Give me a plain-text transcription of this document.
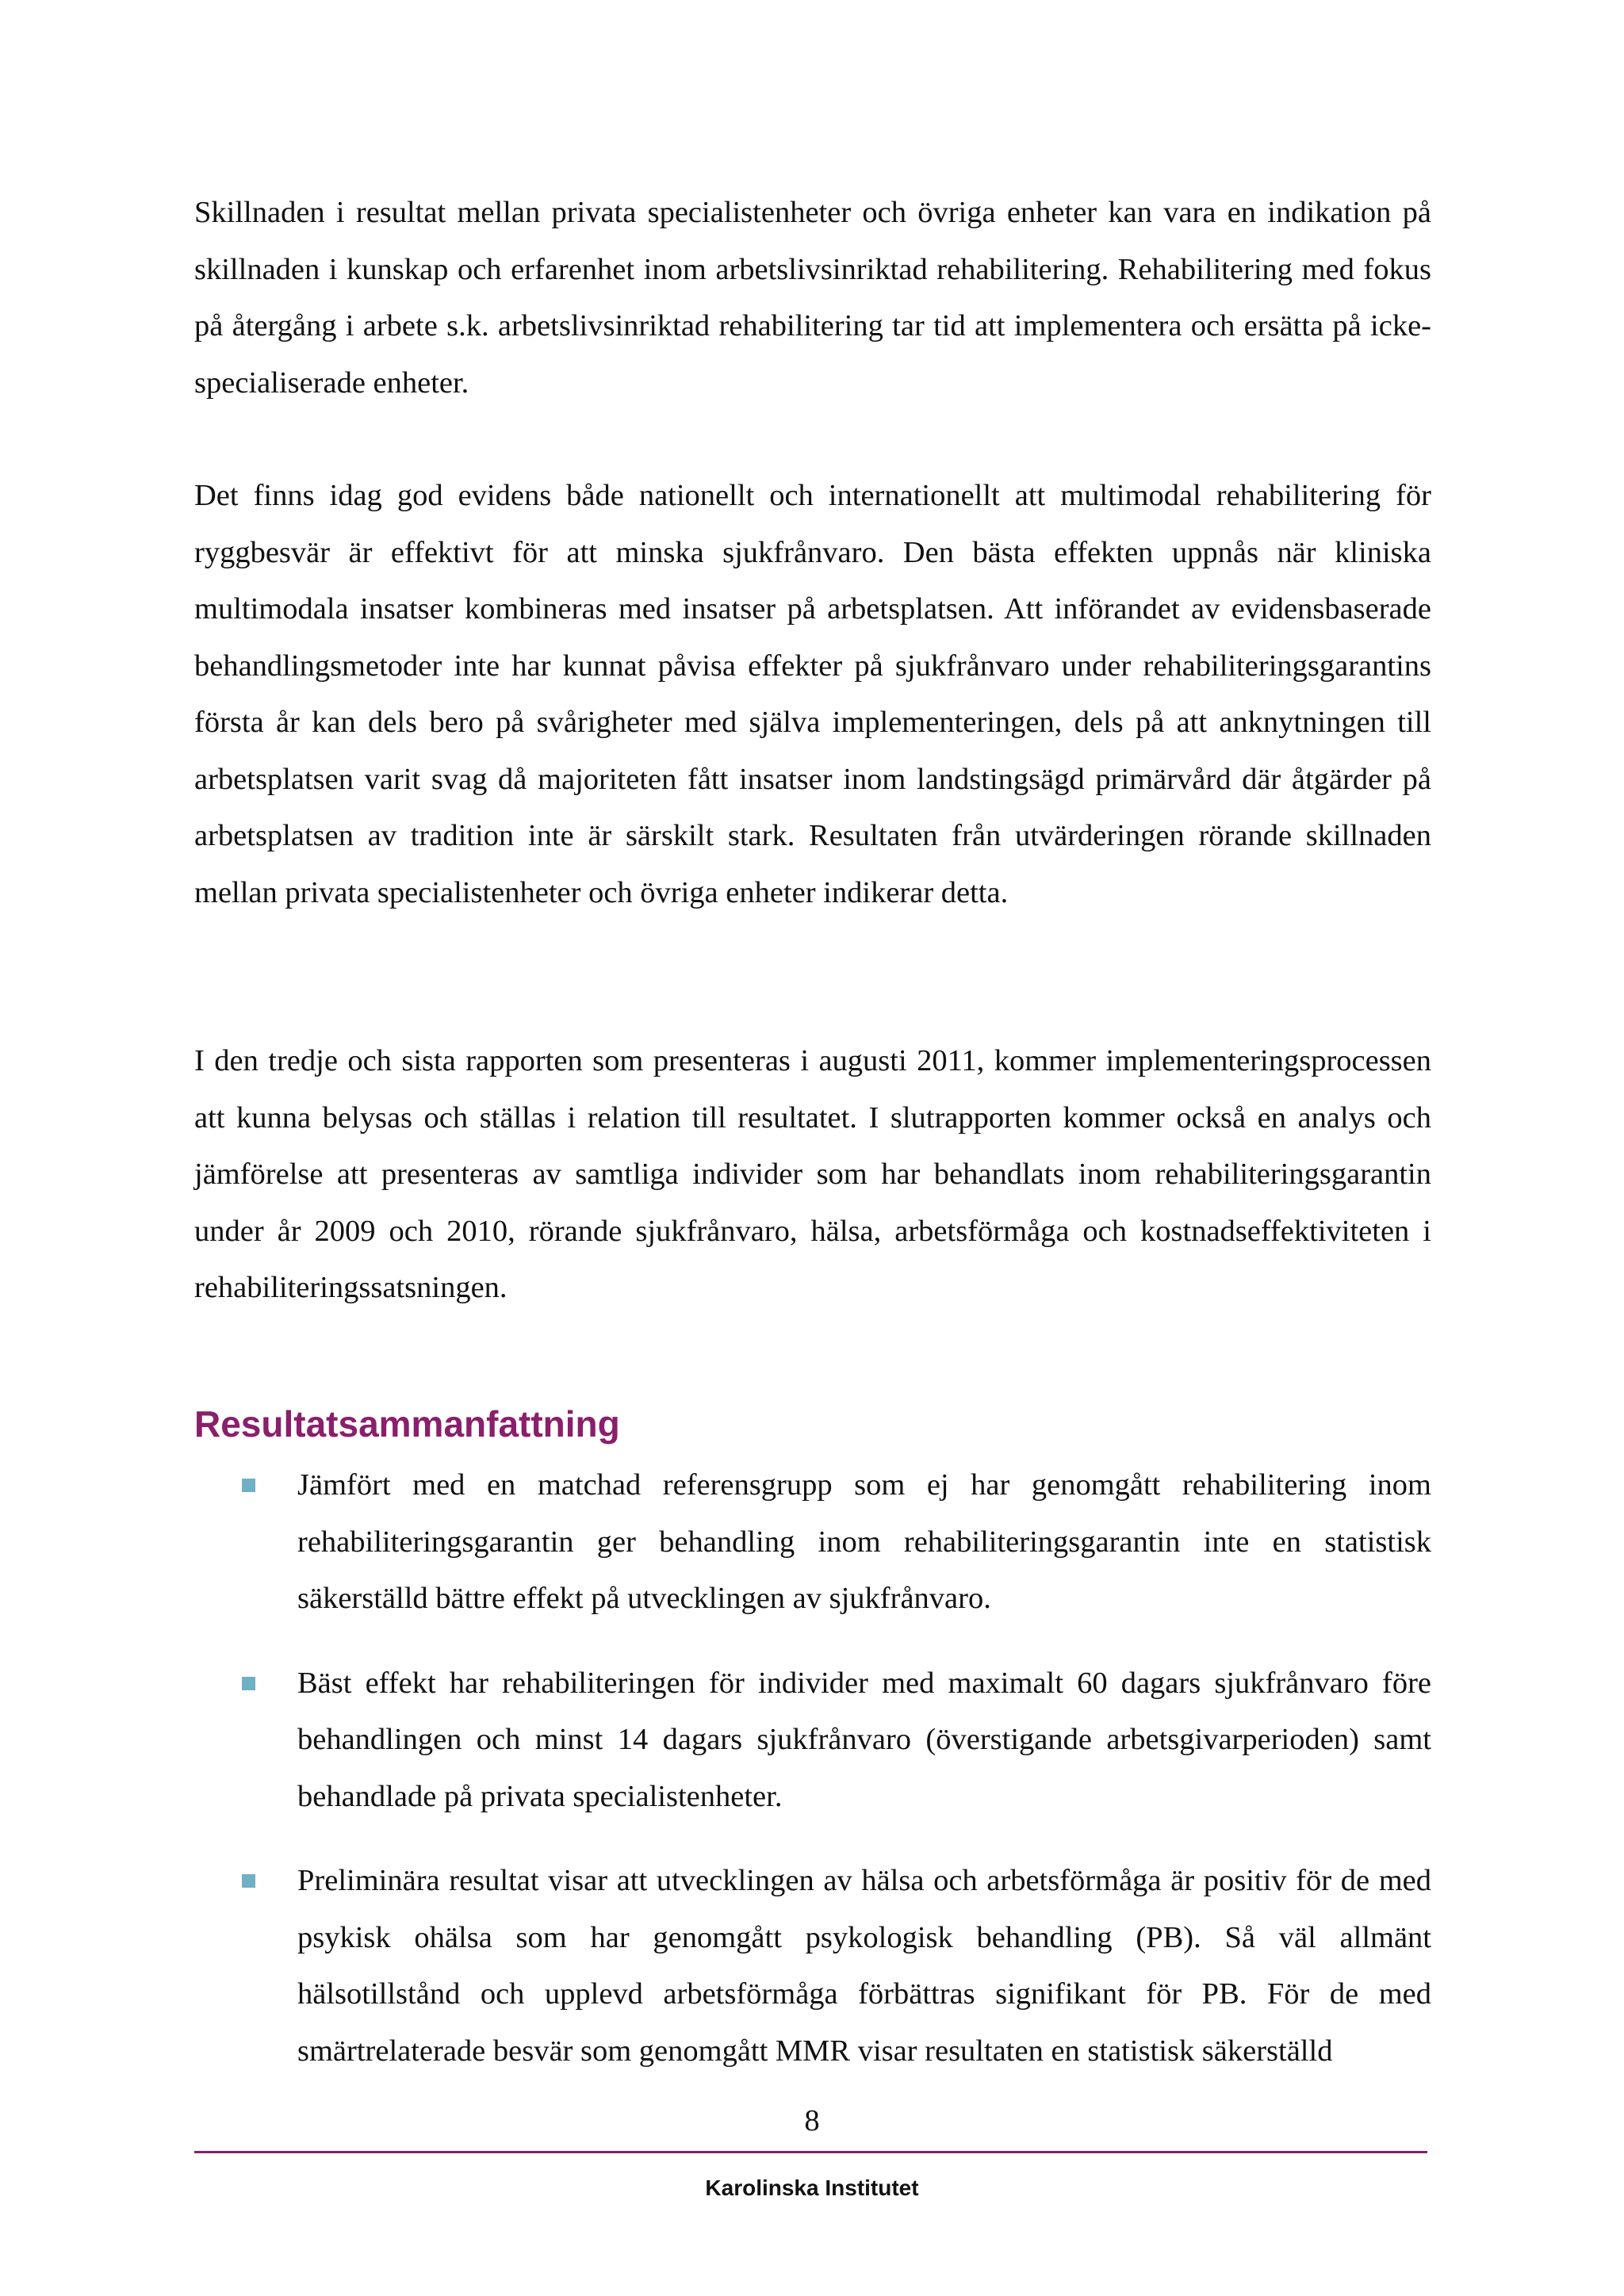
Skillnaden i resultat mellan privata specialistenheter och övriga enheter kan vara en indikation på skillnaden i kunskap och erfarenhet inom arbetslivsinriktad rehabilitering. Rehabilitering med fokus på återgång i arbete s.k. arbetslivsinriktad rehabilitering tar tid att implementera och ersätta på icke-specialiserade enheter.

Det finns idag god evidens både nationellt och internationellt att multimodal rehabilitering för ryggbesvär är effektivt för att minska sjukfrånvaro. Den bästa effekten uppnås när kliniska multimodala insatser kombineras med insatser på arbetsplatsen. Att införandet av evidensbaserade behandlingsmetoder inte har kunnat påvisa effekter på sjukfrånvaro under rehabiliteringsgarantins första år kan dels bero på svårigheter med själva implementeringen, dels på att anknytningen till arbetsplatsen varit svag då majoriteten fått insatser inom landstingsägd primärvård där åtgärder på arbetsplatsen av tradition inte är särskilt stark. Resultaten från utvärderingen rörande skillnaden mellan privata specialistenheter och övriga enheter indikerar detta.

I den tredje och sista rapporten som presenteras i augusti 2011, kommer implementeringsprocessen att kunna belysas och ställas i relation till resultatet. I slutrapporten kommer också en analys och jämförelse att presenteras av samtliga individer som har behandlats inom rehabiliteringsgarantin under år 2009 och 2010, rörande sjukfrånvaro, hälsa, arbetsförmåga och kostnadseffektiviteten i rehabiliteringssatsningen.

Resultatsammanfattning
Jämfört med en matchad referensgrupp som ej har genomgått rehabilitering inom rehabiliteringsgarantin ger behandling inom rehabiliteringsgarantin inte en statistisk säkerställd bättre effekt på utvecklingen av sjukfrånvaro.
Bäst effekt har rehabiliteringen för individer med maximalt 60 dagars sjukfrånvaro före behandlingen och minst 14 dagars sjukfrånvaro (överstigande arbetsgivarperioden) samt behandlade på privata specialistenheter.
Preliminära resultat visar att utvecklingen av hälsa och arbetsförmåga är positiv för de med psykisk ohälsa som har genomgått psykologisk behandling (PB). Så väl allmänt hälsotillstånd och upplevd arbetsförmåga förbättras signifikant för PB. För de med smärtrelaterade besvär som genomgått MMR visar resultaten en statistisk säkerställd
8
Karolinska Institutet
